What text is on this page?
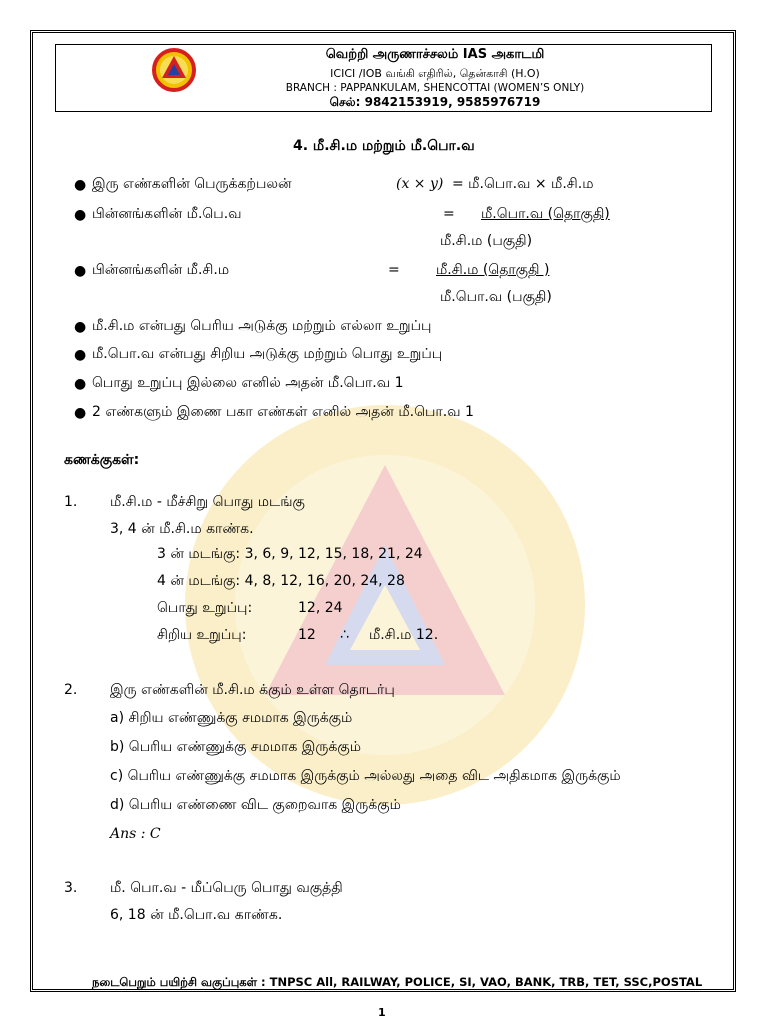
வெற்றி அருணாச்சலம் IAS அகாடமி
ICICI /IOB வங்கி எதிரில், தென்காசி (H.O)
BRANCH : PAPPANKULAM, SHENCOTTAI (WOMEN’S ONLY)
செல்: 9842153919, 9585976719
4. மீ.சி.ம மற்றும் மீ.பொ.வ
● இரு எண்களின் பெருக்கற்பலன்	(x × y) = மீ.பொ.வ × மீ.சி.ம
● பின்னங்களின் மீ.பெ.வ	= மீ.பொ.வ (தொகுதி)
மீ.சி.ம (பகுதி)
● பின்னங்களின் மீ.சி.ம	=	மீ.சி.ம (தொகுதி )
மீ.பொ.வ (பகுதி)
● மீ.சி.ம என்பது பெரிய அடுக்கு மற்றும் எல்லா உறுப்பு
● மீ.பொ.வ என்பது சிறிய அடுக்கு மற்றும் பொது உறுப்பு
● பொது உறுப்பு இல்லை எனில் அதன் மீ.பொ.வ 1
● 2 எண்களும் இணை பகா எண்கள் எனில் அதன் மீ.பொ.வ 1
கணக்குகள்:
1. மீ.சி.ம - மீச்சிறு பொது மடங்கு
3, 4 ன் மீ.சி.ம காண்க.
3 ன் மடங்கு: 3, 6, 9, 12, 15, 18, 21, 24
4 ன் மடங்கு: 4, 8, 12, 16, 20, 24, 28
பொது உறுப்பு:	12, 24
சிறிய உறுப்பு:	12 ∴ மீ.சி.ம 12.
2. இரு எண்களின் மீ.சி.ம க்கும் உள்ள தொடர்பு
a) சிறிய எண்ணுக்கு சமமாக இருக்கும்
b) பெரிய எண்ணுக்கு சமமாக இருக்கும்
c) பெரிய எண்ணுக்கு சமமாக இருக்கும் அல்லது அதை விட அதிகமாக இருக்கும்
d) பெரிய எண்ணை விட குறைவாக இருக்கும்
Ans : C
3. மீ. பொ.வ - மீப்பெரு பொது வகுத்தி
6, 18 ன் மீ.பொ.வ காண்க.
நடைபெறும் பயிற்சி வகுப்புகள் : TNPSC All, RAILWAY, POLICE, SI, VAO, BANK, TRB, TET, SSC,POSTAL
1
